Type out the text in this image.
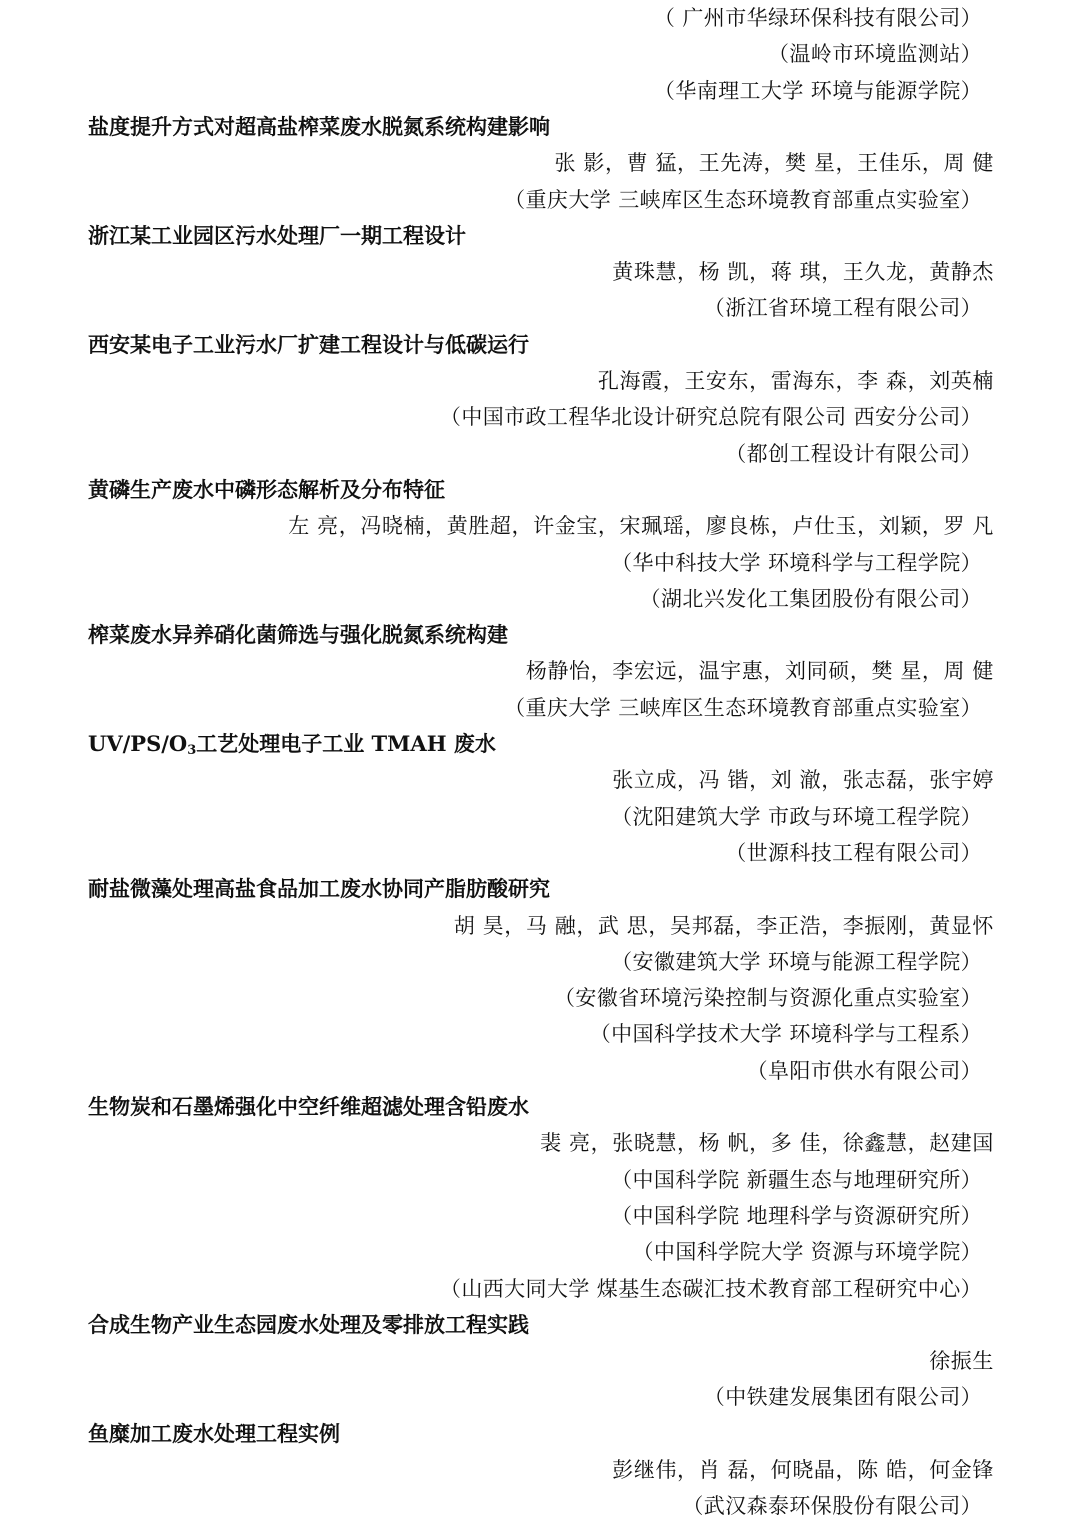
（ 广州市华绿环保科技有限公司）
（温岭市环境监测站）
（华南理工大学 环境与能源学院）
盐度提升方式对超高盐榨菜废水脱氮系统构建影响
张 影，曹 猛，王先涛，樊 星，王佳乐，周 健
（重庆大学 三峡库区生态环境教育部重点实验室）
浙江某工业园区污水处理厂一期工程设计
黄珠慧，杨 凯，蒋 琪，王久龙，黄静杰
（浙江省环境工程有限公司）
西安某电子工业污水厂扩建工程设计与低碳运行
孔海霞，王安东，雷海东，李 森，刘英楠
（中国市政工程华北设计研究总院有限公司 西安分公司）
（都创工程设计有限公司）
黄磷生产废水中磷形态解析及分布特征
左 亮，冯晓楠，黄胜超，许金宝，宋珮瑶，廖良栋，卢仕玉，刘颖，罗 凡
（华中科技大学 环境科学与工程学院）
（湖北兴发化工集团股份有限公司）
榨菜废水异养硝化菌筛选与强化脱氮系统构建
杨静怡，李宏远，温宇惠，刘同硕，樊 星，周 健
（重庆大学 三峡库区生态环境教育部重点实验室）
$UV/PS/O_3$工艺处理电子工业 TMAH 废水
张立成，冯 锴，刘 澈，张志磊，张宇婷
（沈阳建筑大学 市政与环境工程学院）
（世源科技工程有限公司）
耐盐微藻处理高盐食品加工废水协同产脂肪酸研究
胡 昊，马 融，武 思，吴邦磊，李正浩，李振刚，黄显怀
（安徽建筑大学 环境与能源工程学院）
（安徽省环境污染控制与资源化重点实验室）
（中国科学技术大学 环境科学与工程系）
（阜阳市供水有限公司）
生物炭和石墨烯强化中空纤维超滤处理含铅废水
裴 亮，张晓慧，杨 帆，多 佳，徐鑫慧，赵建国
（中国科学院 新疆生态与地理研究所）
（中国科学院 地理科学与资源研究所）
（中国科学院大学 资源与环境学院）
（山西大同大学 煤基生态碳汇技术教育部工程研究中心）
合成生物产业生态园废水处理及零排放工程实践
徐振生
（中铁建发展集团有限公司）
鱼糜加工废水处理工程实例
彭继伟，肖 磊，何晓晶，陈 皓，何金锋
（武汉森泰环保股份有限公司）
